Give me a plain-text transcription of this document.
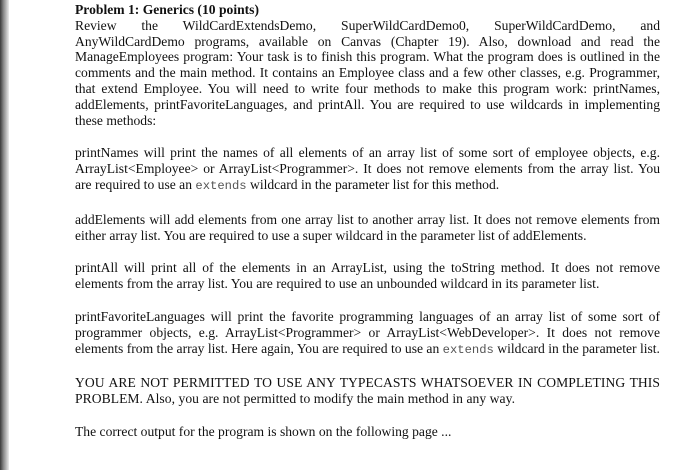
Problem 1: Generics (10 points)

Review the WildCardExtendsDemo, SuperWildCardDemo0, SuperWildCardDemo, and AnyWildCardDemo programs, available on Canvas (Chapter 19). Also, download and read the ManageEmployees program: Your task is to finish this program. What the program does is outlined in the comments and the main method. It contains an Employee class and a few other classes, e.g. Programmer, that extend Employee. You will need to write four methods to make this program work: printNames, addElements, printFavoriteLanguages, and printAll. You are required to use wildcards in implementing these methods:

printNames will print the names of all elements of an array list of some sort of employee objects, e.g. ArrayList<Employee> or ArrayList<Programmer>. It does not remove elements from the array list. You are required to use an extends wildcard in the parameter list for this method.

addElements will add elements from one array list to another array list. It does not remove elements from either array list. You are required to use a super wildcard in the parameter list of addElements.

printAll will print all of the elements in an ArrayList, using the toString method. It does not remove elements from the array list. You are required to use an unbounded wildcard in its parameter list.

printFavoriteLanguages will print the favorite programming languages of an array list of some sort of programmer objects, e.g. ArrayList<Programmer> or ArrayList<WebDeveloper>. It does not remove elements from the array list. Here again, You are required to use an extends wildcard in the parameter list.

YOU ARE NOT PERMITTED TO USE ANY TYPECASTS WHATSOEVER IN COMPLETING THIS PROBLEM. Also, you are not permitted to modify the main method in any way.

The correct output for the program is shown on the following page ...
